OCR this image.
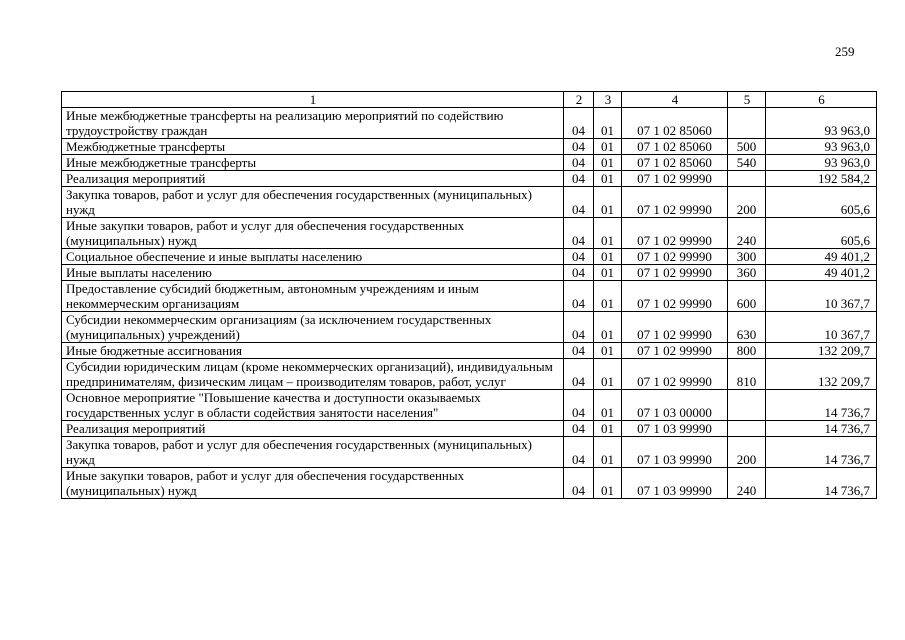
259
1	2	3	4	5	6
Иные межбюджетные трансферты на реализацию мероприятий по содействию трудоустройству граждан	04	01	07 1 02 85060		93 963,0
Межбюджетные трансферты	04	01	07 1 02 85060	500	93 963,0
Иные межбюджетные трансферты	04	01	07 1 02 85060	540	93 963,0
Реализация мероприятий	04	01	07 1 02 99990		192 584,2
Закупка товаров, работ и услуг для обеспечения государственных (муниципальных) нужд	04	01	07 1 02 99990	200	605,6
Иные закупки товаров, работ и услуг для обеспечения государственных (муниципальных) нужд	04	01	07 1 02 99990	240	605,6
Социальное обеспечение и иные выплаты населению	04	01	07 1 02 99990	300	49 401,2
Иные выплаты населению	04	01	07 1 02 99990	360	49 401,2
Предоставление субсидий бюджетным, автономным учреждениям и иным некоммерческим организациям	04	01	07 1 02 99990	600	10 367,7
Субсидии некоммерческим организациям (за исключением государственных (муниципальных) учреждений)	04	01	07 1 02 99990	630	10 367,7
Иные бюджетные ассигнования	04	01	07 1 02 99990	800	132 209,7
Субсидии юридическим лицам (кроме некоммерческих организаций), индивидуальным предпринимателям, физическим лицам – производителям товаров, работ, услуг	04	01	07 1 02 99990	810	132 209,7
Основное мероприятие "Повышение качества и доступности оказываемых государственных услуг в области содействия занятости населения"	04	01	07 1 03 00000		14 736,7
Реализация мероприятий	04	01	07 1 03 99990		14 736,7
Закупка товаров, работ и услуг для обеспечения государственных (муниципальных) нужд	04	01	07 1 03 99990	200	14 736,7
Иные закупки товаров, работ и услуг для обеспечения государственных (муниципальных) нужд	04	01	07 1 03 99990	240	14 736,7
